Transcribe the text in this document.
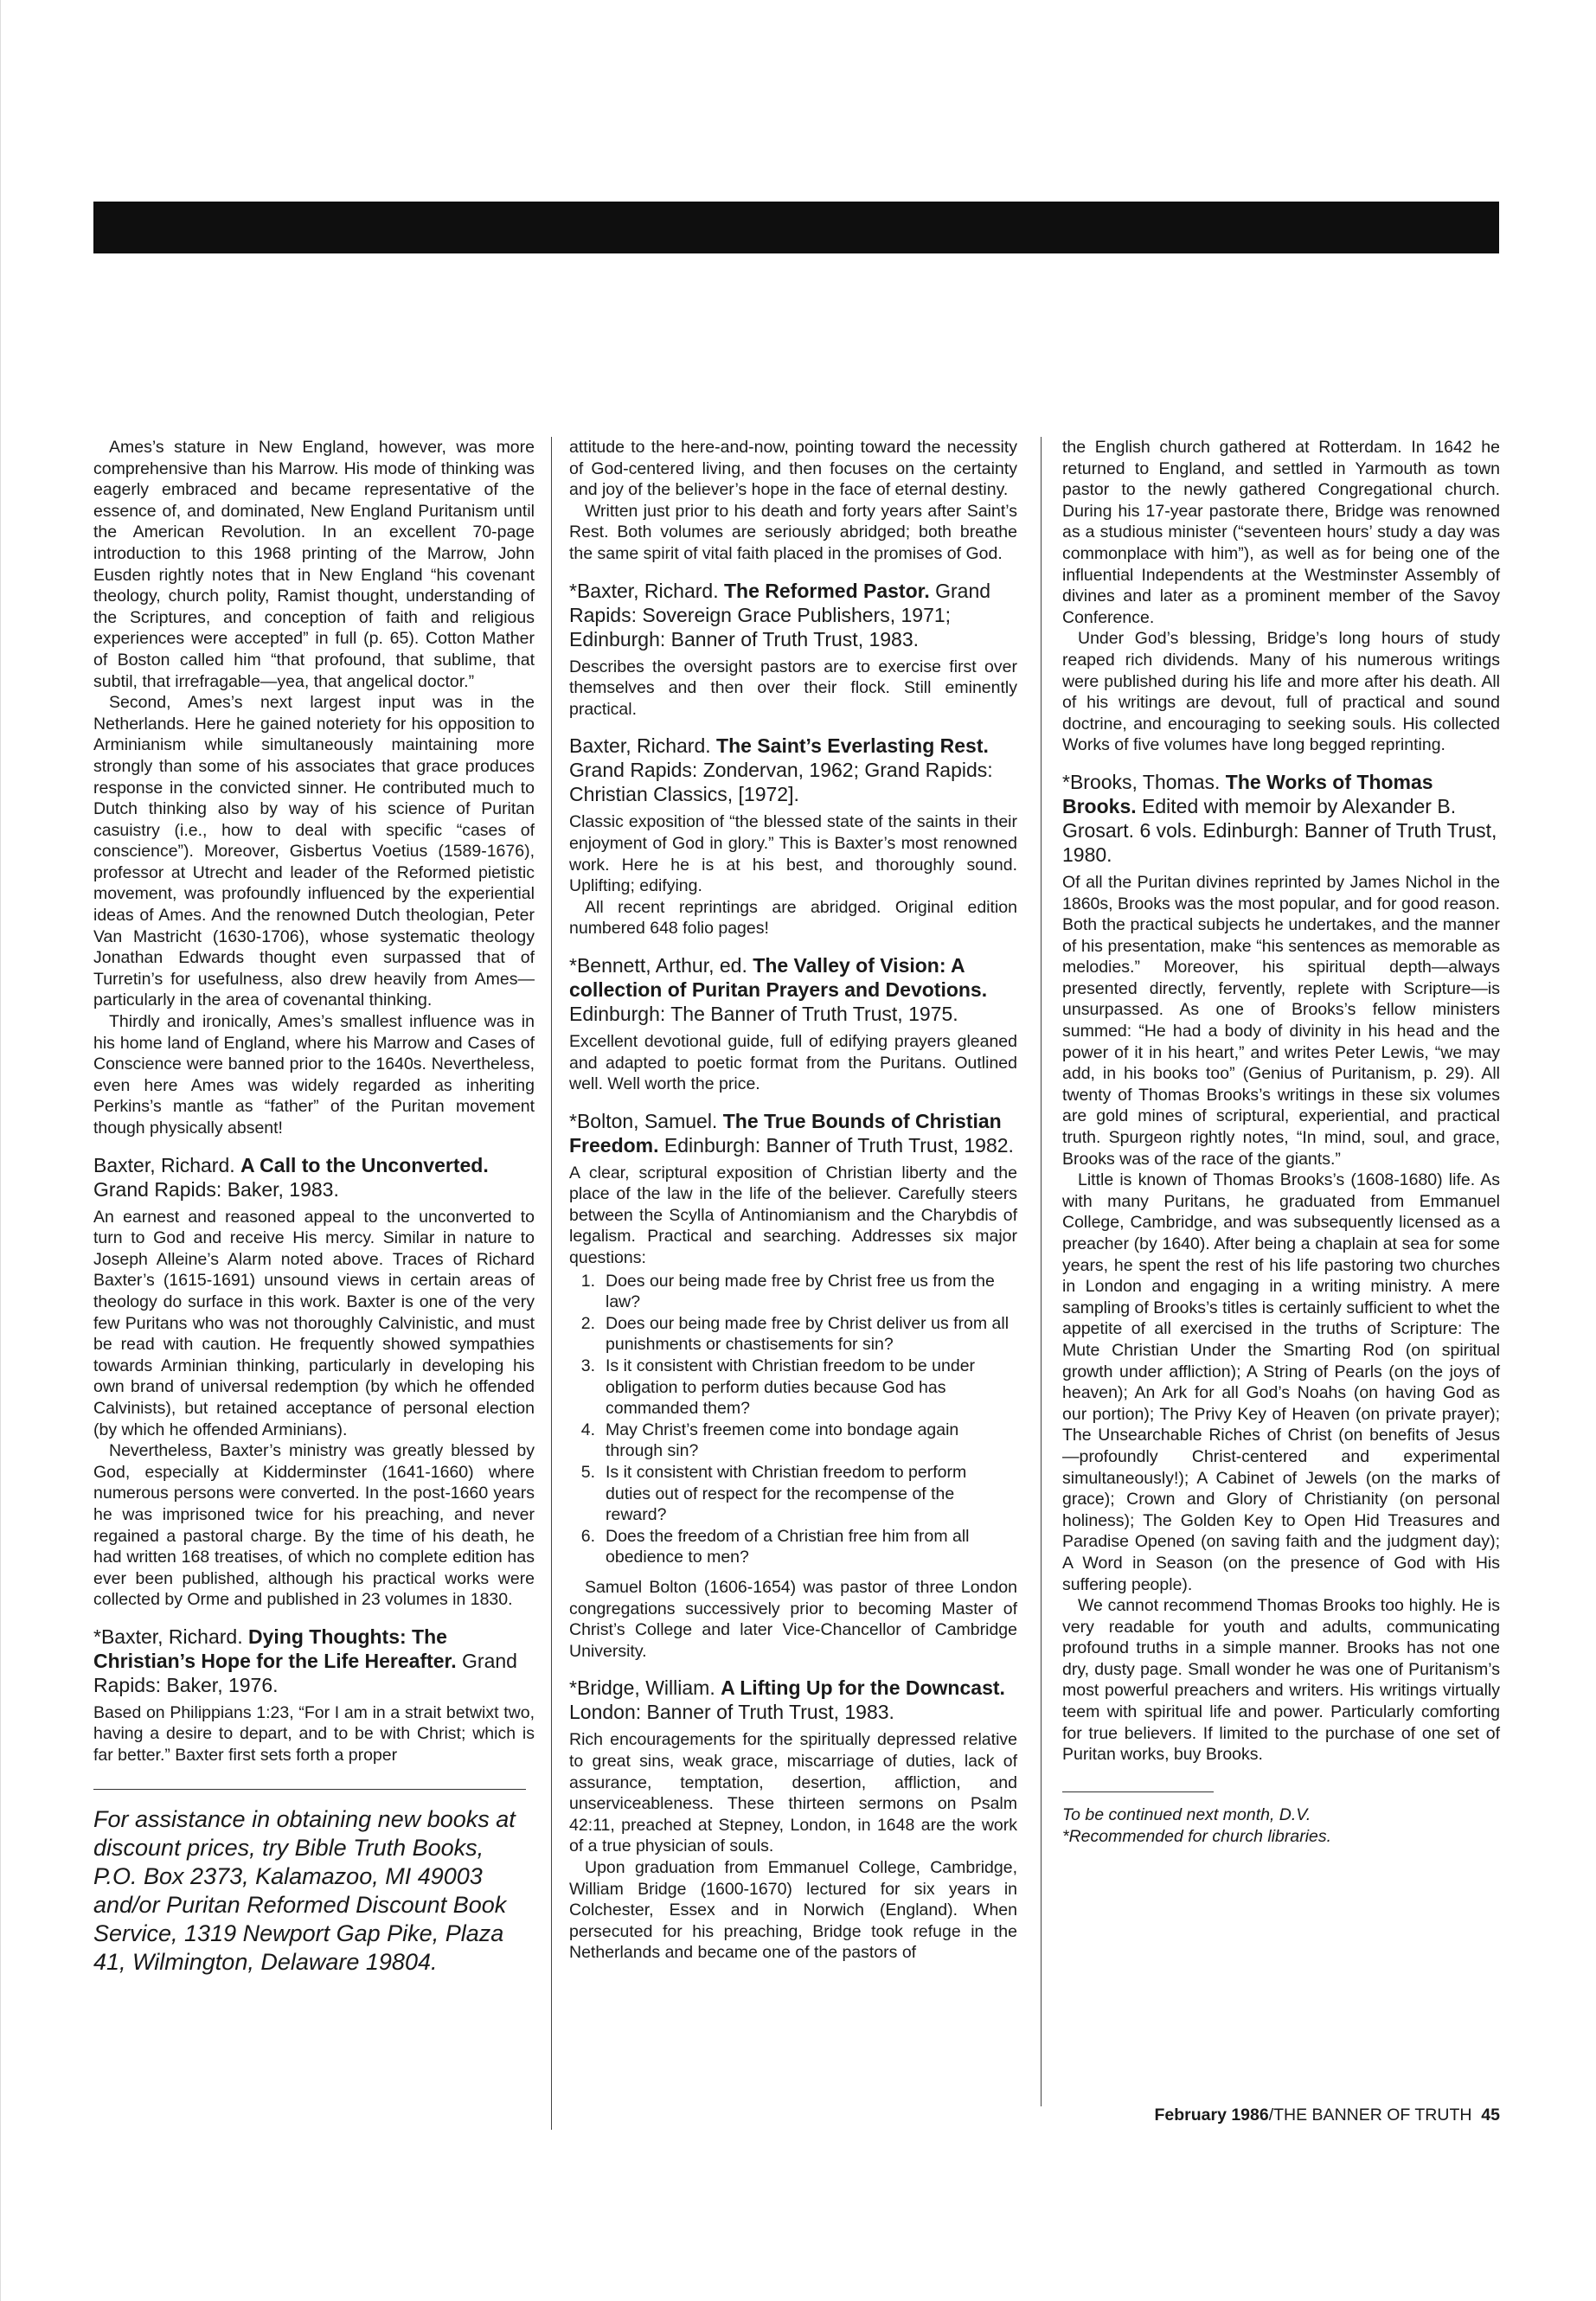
Ames’s stature in New England, however, was more comprehensive than his Marrow. His mode of thinking was eagerly embraced and became representative of the essence of, and dominated, New England Puritanism until the American Revolution. In an excellent 70-page introduction to this 1968 printing of the Marrow, John Eusden rightly notes that in New England “his covenant theology, church polity, Ramist thought, understanding of the Scriptures, and conception of faith and religious experiences were accepted” in full (p. 65). Cotton Mather of Boston called him “that profound, that sublime, that subtil, that irrefragable—yea, that angelical doctor.”

Second, Ames’s next largest input was in the Netherlands. Here he gained noteriety for his opposition to Arminianism while simultaneously maintaining more strongly than some of his associates that grace produces response in the convicted sinner. He contributed much to Dutch thinking also by way of his science of Puritan casuistry (i.e., how to deal with specific “cases of conscience”). Moreover, Gisbertus Voetius (1589-1676), professor at Utrecht and leader of the Reformed pietistic movement, was profoundly influenced by the experiential ideas of Ames. And the renowned Dutch theologian, Peter Van Mastricht (1630-1706), whose systematic theology Jonathan Edwards thought even surpassed that of Turretin’s for usefulness, also drew heavily from Ames—particularly in the area of covenantal thinking.

Thirdly and ironically, Ames’s smallest influence was in his home land of England, where his Marrow and Cases of Conscience were banned prior to the 1640s. Nevertheless, even here Ames was widely regarded as inheriting Perkins’s mantle as “father” of the Puritan movement though physically absent!

Baxter, Richard. A Call to the Unconverted. Grand Rapids: Baker, 1983.

An earnest and reasoned appeal to the unconverted to turn to God and receive His mercy. Similar in nature to Joseph Alleine’s Alarm noted above. Traces of Richard Baxter’s (1615-1691) unsound views in certain areas of theology do surface in this work. Baxter is one of the very few Puritans who was not thoroughly Calvinistic, and must be read with caution. He frequently showed sympathies towards Arminian thinking, particularly in developing his own brand of universal redemption (by which he offended Calvinists), but retained acceptance of personal election (by which he offended Arminians).

Nevertheless, Baxter’s ministry was greatly blessed by God, especially at Kidderminster (1641-1660) where numerous persons were converted. In the post-1660 years he was imprisoned twice for his preaching, and never regained a pastoral charge. By the time of his death, he had written 168 treatises, of which no complete edition has ever been published, although his practical works were collected by Orme and published in 23 volumes in 1830.

*Baxter, Richard. Dying Thoughts: The Christian’s Hope for the Life Hereafter. Grand Rapids: Baker, 1976.

Based on Philippians 1:23, “For I am in a strait betwixt two, having a desire to depart, and to be with Christ; which is far better.” Baxter first sets forth a proper

For assistance in obtaining new books at discount prices, try Bible Truth Books, P.O. Box 2373, Kalamazoo, MI 49003 and/or Puritan Reformed Discount Book Service, 1319 Newport Gap Pike, Plaza 41, Wilmington, Delaware 19804.

attitude to the here-and-now, pointing toward the necessity of God-centered living, and then focuses on the certainty and joy of the believer’s hope in the face of eternal destiny.

Written just prior to his death and forty years after Saint’s Rest. Both volumes are seriously abridged; both breathe the same spirit of vital faith placed in the promises of God.

*Baxter, Richard. The Reformed Pastor. Grand Rapids: Sovereign Grace Publishers, 1971; Edinburgh: Banner of Truth Trust, 1983.

Describes the oversight pastors are to exercise first over themselves and then over their flock. Still eminently practical.

Baxter, Richard. The Saint’s Everlasting Rest. Grand Rapids: Zondervan, 1962; Grand Rapids: Christian Classics, [1972].

Classic exposition of “the blessed state of the saints in their enjoyment of God in glory.” This is Baxter’s most renowned work. Here he is at his best, and thoroughly sound. Uplifting; edifying.

All recent reprintings are abridged. Original edition numbered 648 folio pages!

*Bennett, Arthur, ed. The Valley of Vision: A collection of Puritan Prayers and Devotions. Edinburgh: The Banner of Truth Trust, 1975.

Excellent devotional guide, full of edifying prayers gleaned and adapted to poetic format from the Puritans. Outlined well. Well worth the price.

*Bolton, Samuel. The True Bounds of Christian Freedom. Edinburgh: Banner of Truth Trust, 1982.

A clear, scriptural exposition of Christian liberty and the place of the law in the life of the believer. Carefully steers between the Scylla of Antinomianism and the Charybdis of legalism. Practical and searching. Addresses six major questions:

1. Does our being made free by Christ free us from the law?
2. Does our being made free by Christ deliver us from all punishments or chastisements for sin?
3. Is it consistent with Christian freedom to be under obligation to perform duties because God has commanded them?
4. May Christ’s freemen come into bondage again through sin?
5. Is it consistent with Christian freedom to perform duties out of respect for the recompense of the reward?
6. Does the freedom of a Christian free him from all obedience to men?

Samuel Bolton (1606-1654) was pastor of three London congregations successively prior to becoming Master of Christ’s College and later Vice-Chancellor of Cambridge University.

*Bridge, William. A Lifting Up for the Downcast. London: Banner of Truth Trust, 1983.

Rich encouragements for the spiritually depressed relative to great sins, weak grace, miscarriage of duties, lack of assurance, temptation, desertion, affliction, and unserviceableness. These thirteen sermons on Psalm 42:11, preached at Stepney, London, in 1648 are the work of a true physician of souls.

Upon graduation from Emmanuel College, Cambridge, William Bridge (1600-1670) lectured for six years in Colchester, Essex and in Norwich (England). When persecuted for his preaching, Bridge took refuge in the Netherlands and became one of the pastors of

the English church gathered at Rotterdam. In 1642 he returned to England, and settled in Yarmouth as town pastor to the newly gathered Congregational church. During his 17-year pastorate there, Bridge was renowned as a studious minister (“seventeen hours’ study a day was commonplace with him”), as well as for being one of the influential Independents at the Westminster Assembly of divines and later as a prominent member of the Savoy Conference.

Under God’s blessing, Bridge’s long hours of study reaped rich dividends. Many of his numerous writings were published during his life and more after his death. All of his writings are devout, full of practical and sound doctrine, and encouraging to seeking souls. His collected Works of five volumes have long begged reprinting.

*Brooks, Thomas. The Works of Thomas Brooks. Edited with memoir by Alexander B. Grosart. 6 vols. Edinburgh: Banner of Truth Trust, 1980.

Of all the Puritan divines reprinted by James Nichol in the 1860s, Brooks was the most popular, and for good reason. Both the practical subjects he undertakes, and the manner of his presentation, make “his sentences as memorable as melodies.” Moreover, his spiritual depth—always presented directly, fervently, replete with Scripture—is unsurpassed. As one of Brooks’s fellow ministers summed: “He had a body of divinity in his head and the power of it in his heart,” and writes Peter Lewis, “we may add, in his books too” (Genius of Puritanism, p. 29). All twenty of Thomas Brooks’s writings in these six volumes are gold mines of scriptural, experiential, and practical truth. Spurgeon rightly notes, “In mind, soul, and grace, Brooks was of the race of the giants.”

Little is known of Thomas Brooks’s (1608-1680) life. As with many Puritans, he graduated from Emmanuel College, Cambridge, and was subsequently licensed as a preacher (by 1640). After being a chaplain at sea for some years, he spent the rest of his life pastoring two churches in London and engaging in a writing ministry. A mere sampling of Brooks’s titles is certainly sufficient to whet the appetite of all exercised in the truths of Scripture: The Mute Christian Under the Smarting Rod (on spiritual growth under affliction); A String of Pearls (on the joys of heaven); An Ark for all God’s Noahs (on having God as our portion); The Privy Key of Heaven (on private prayer); The Unsearchable Riches of Christ (on benefits of Jesus—profoundly Christ-centered and experimental simultaneously!); A Cabinet of Jewels (on the marks of grace); Crown and Glory of Christianity (on personal holiness); The Golden Key to Open Hid Treasures and Paradise Opened (on saving faith and the judgment day); A Word in Season (on the presence of God with His suffering people).

We cannot recommend Thomas Brooks too highly. He is very readable for youth and adults, communicating profound truths in a simple manner. Brooks has not one dry, dusty page. Small wonder he was one of Puritanism’s most powerful preachers and writers. His writings virtually teem with spiritual life and power. Particularly comforting for true believers. If limited to the purchase of one set of Puritan works, buy Brooks.

To be continued next month, D.V.
*Recommended for church libraries.
February 1986/THE BANNER OF TRUTH 45
